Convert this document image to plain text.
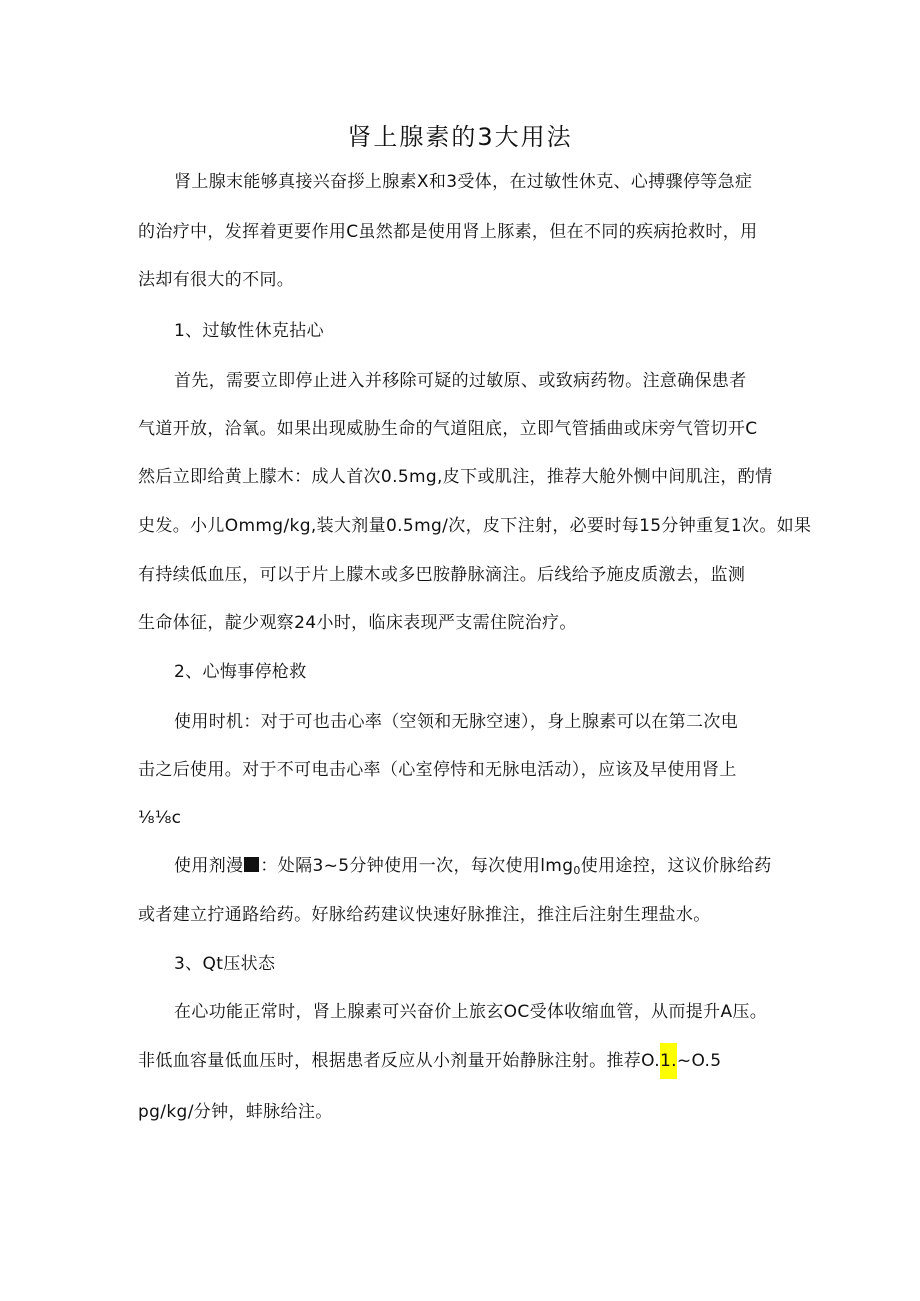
肾上腺素的3大用法
肾上腺末能够真接兴奋拶上腺素X和3受体，在过敏性休克、心搏骤停等急症
的治疗中，发挥着更要作用C虽然都是使用肾上豚素，但在不同的疾病抢救时，用
法却有很大的不同。
1、过敏性休克拈心
首先，需要立即停止进入并移除可疑的过敏原、或致病药物。注意确保患者
气道开放，洽氧。如果出现威胁生命的气道阻底，立即气管插曲或床旁气管切开C
然后立即给黄上朦木：成人首次0.5mg,皮下或肌注，推荐大舱外恻中间肌注，酌情
史发。小儿Ommg∕kg,装大剂量0.5mg∕次，皮下注射，必要时每15分钟重复1次。如果
有持续低血压，可以于片上朦木或多巴胺静脉滴注。后线给予施皮质激去，监测
生命体征，靛少观察24小时，临床表现严支需住院治疗。
2、心悔事停枪救
使用时机：对于可也击心率（空领和无脉空速），身上腺素可以在第二次电
击之后使用。对于不可电击心率（心室停恃和无脉电活动），应该及早使用肾上
⅛⅛c
使用剂漫 ：处隔3~5分钟使用一次，每次使用lmg$_0$使用途控，这议价脉给药
或者建立拧通路给药。好脉给药建议快速好脉推注，推注后注射生理盐水。
3、Qt压状态
在心功能正常时，肾上腺素可兴奋价上旅玄OC受体收缩血管，从而提升A压。
非低血容量低血压时，根据患者反应从小剂量开始静脉注射。推荐O.1.~O.5
pg∕kg∕分钟，蚌脉给注。
